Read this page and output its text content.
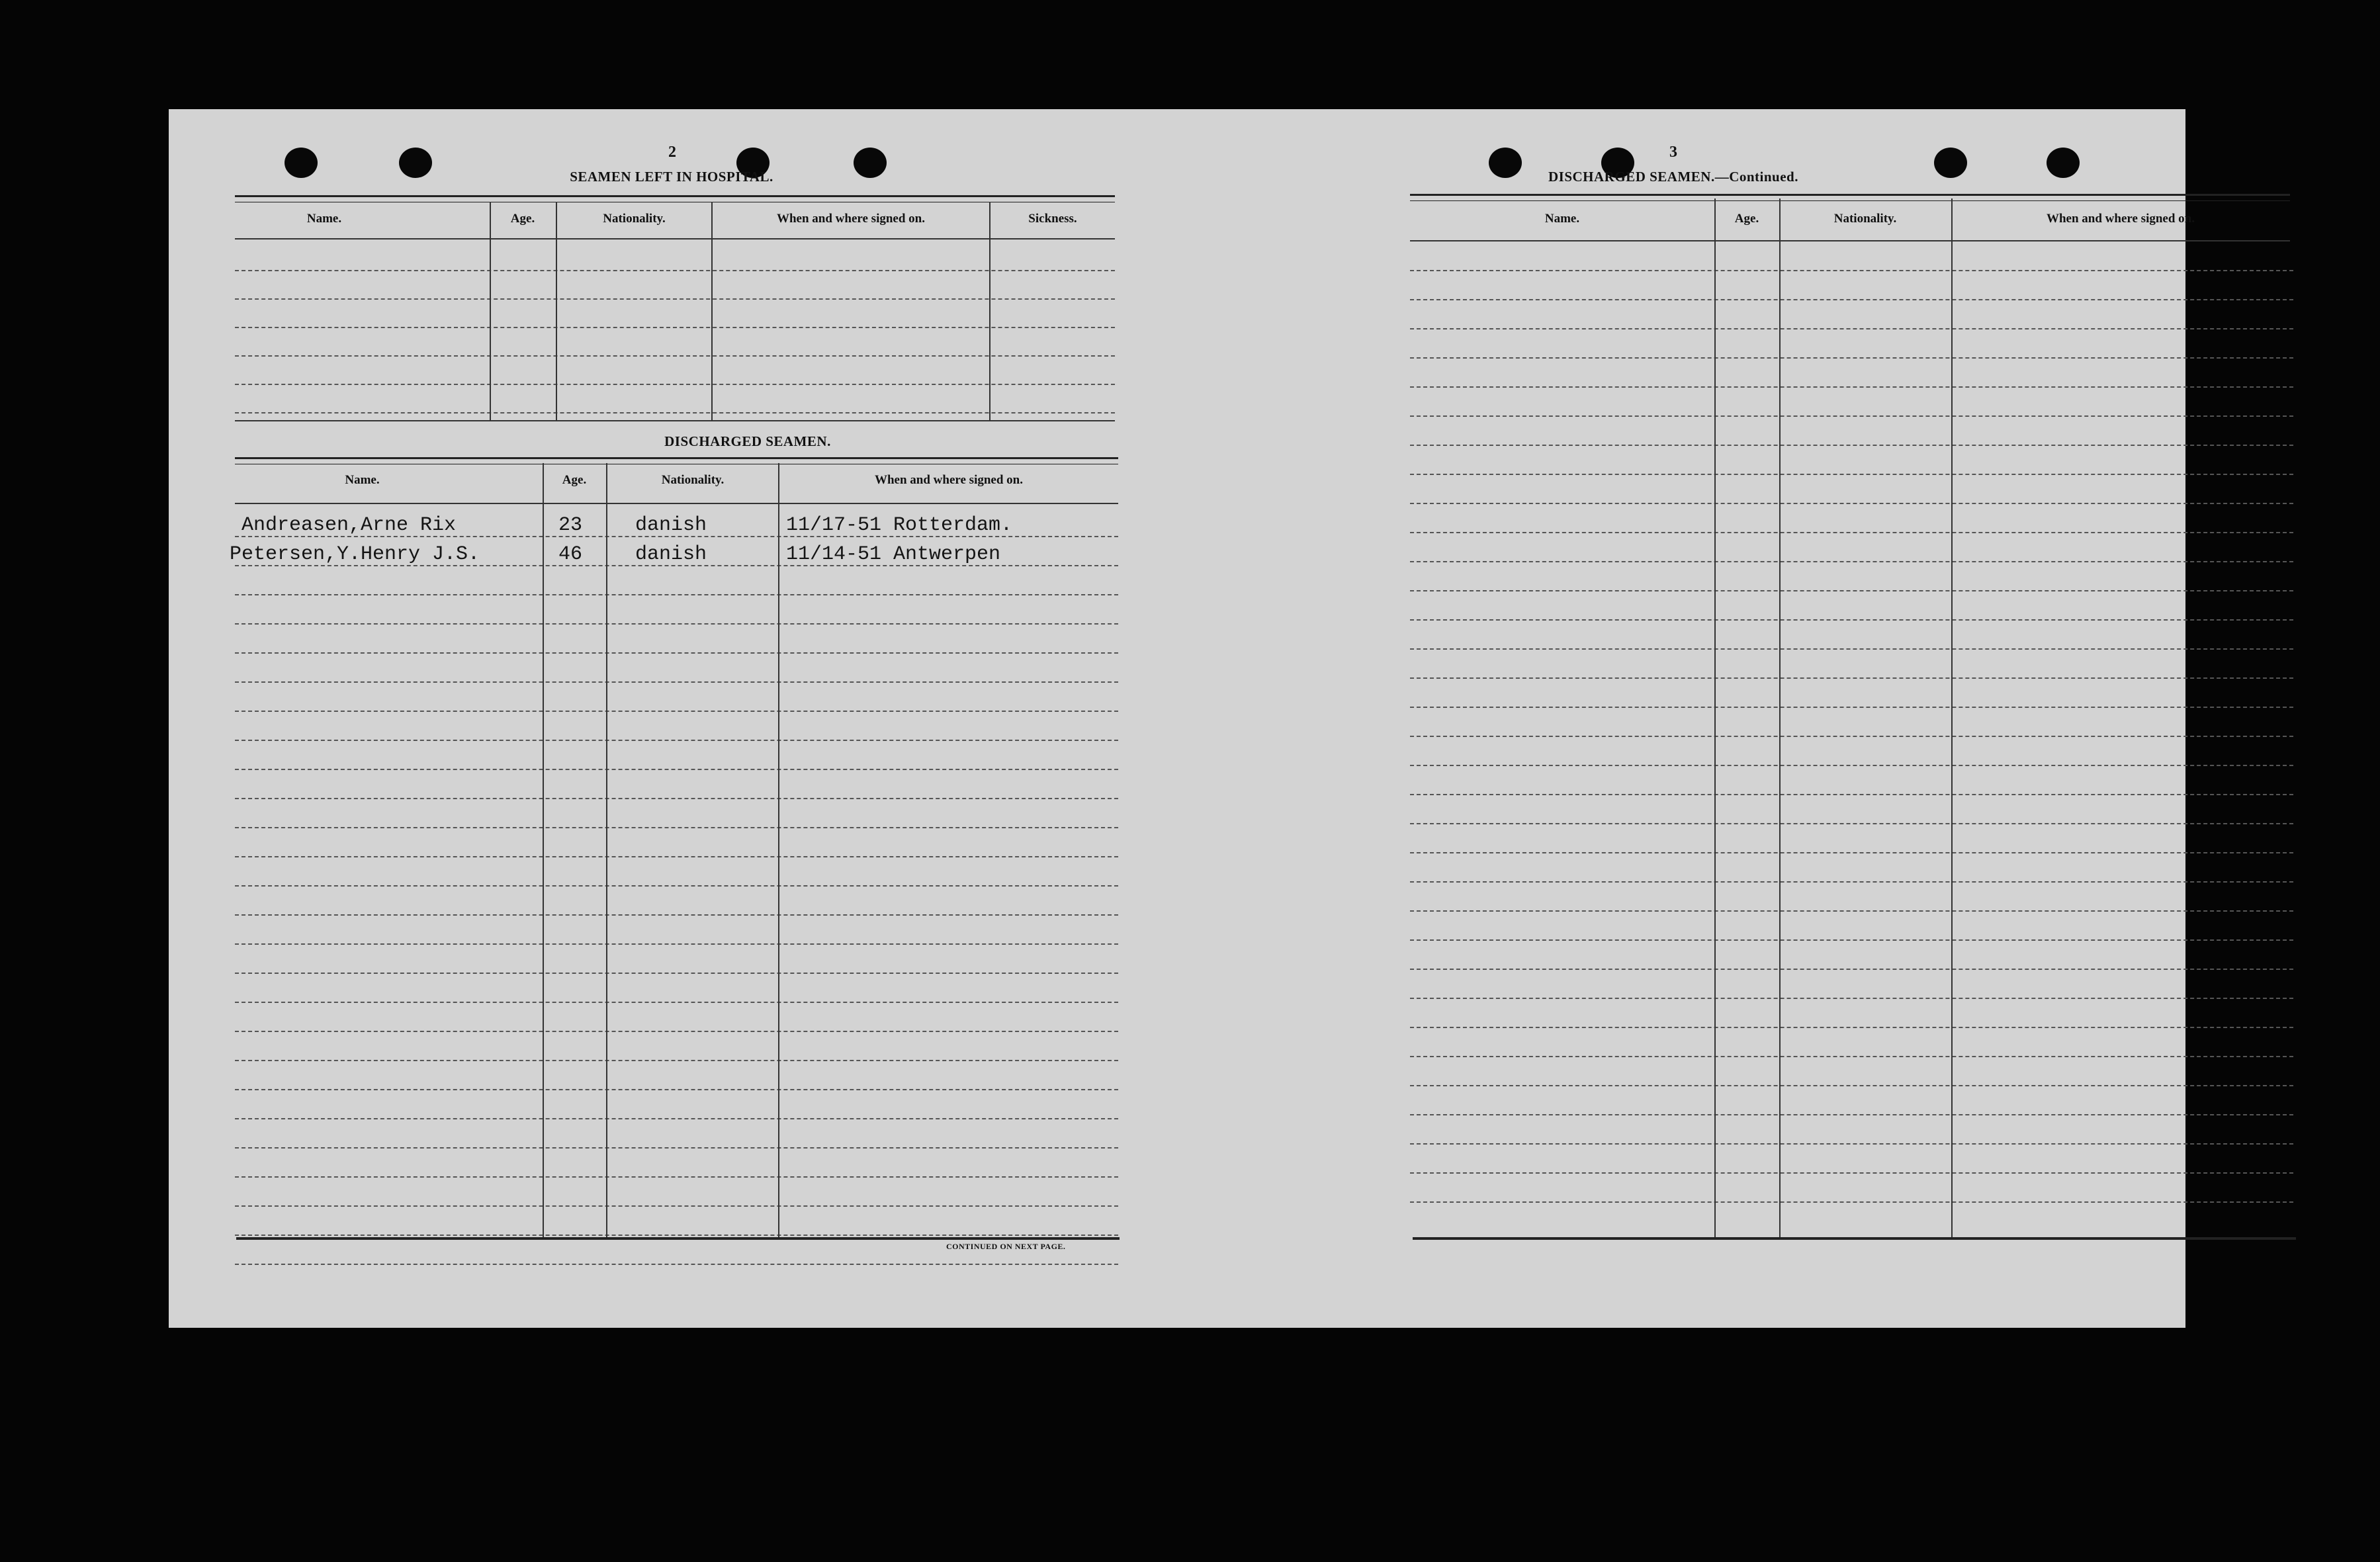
2
SEAMEN LEFT IN HOSPITAL.
Name.	Age.	Nationality.	When and where signed on.	Sickness.
DISCHARGED SEAMEN.
Name.	Age.	Nationality.	When and where signed on.
Andreasen,Arne Rix	23	danish	11/17-51 Rotterdam.
Petersen,Y.Henry J.S.	46	danish	11/14-51 Antwerpen
CONTINUED ON NEXT PAGE.
3
DISCHARGED SEAMEN.—Continued.
Name.	Age.	Nationality.	When and where signed on.
